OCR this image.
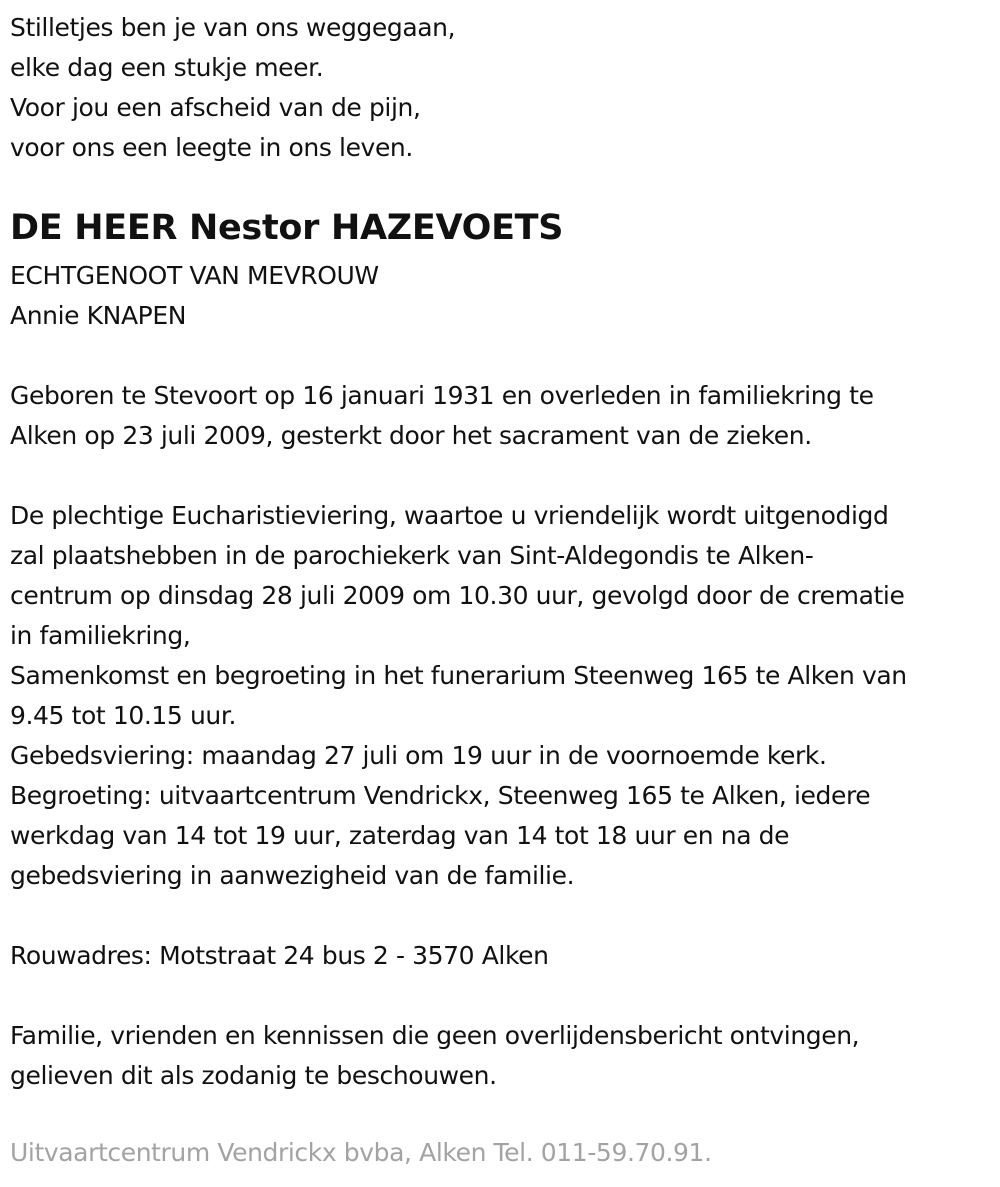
Stilletjes ben je van ons weggegaan,
elke dag een stukje meer.
Voor jou een afscheid van de pijn,
voor ons een leegte in ons leven.
DE HEER Nestor HAZEVOETS
ECHTGENOOT VAN MEVROUW
Annie KNAPEN
Geboren te Stevoort op 16 januari 1931 en overleden in familiekring te
Alken op 23 juli 2009, gesterkt door het sacrament van de zieken.
De plechtige Eucharistieviering, waartoe u vriendelijk wordt uitgenodigd
zal plaatshebben in de parochiekerk van Sint-Aldegondis te Alken-
centrum op dinsdag 28 juli 2009 om 10.30 uur, gevolgd door de crematie
in familiekring,
Samenkomst en begroeting in het funerarium Steenweg 165 te Alken van
9.45 tot 10.15 uur.
Gebedsviering: maandag 27 juli om 19 uur in de voornoemde kerk.
Begroeting: uitvaartcentrum Vendrickx, Steenweg 165 te Alken, iedere
werkdag van 14 tot 19 uur, zaterdag van 14 tot 18 uur en na de
gebedsviering in aanwezigheid van de familie.
Rouwadres: Motstraat 24 bus 2 - 3570 Alken
Familie, vrienden en kennissen die geen overlijdensbericht ontvingen,
gelieven dit als zodanig te beschouwen.
Uitvaartcentrum Vendrickx bvba, Alken Tel. 011-59.70.91.
